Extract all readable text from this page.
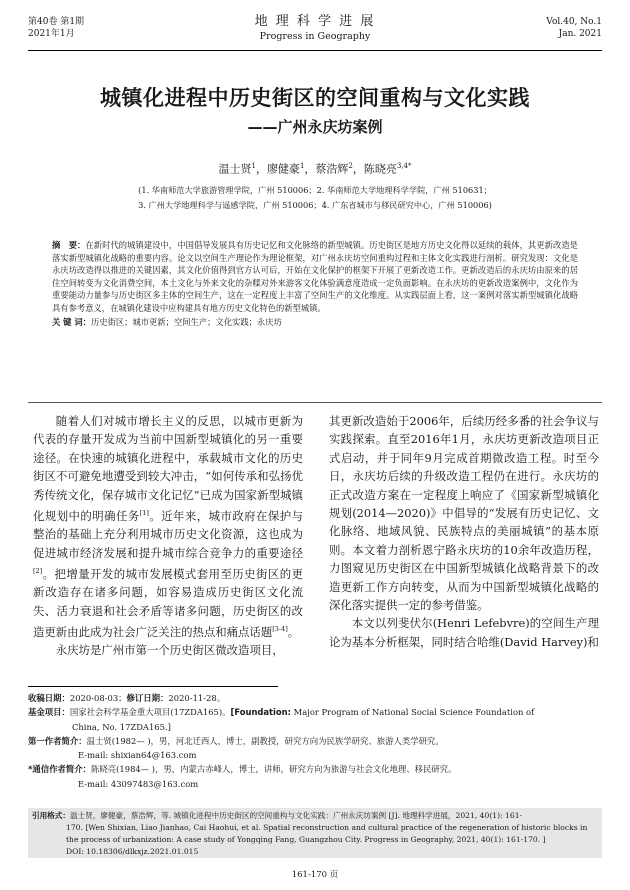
第40卷 第1期
2021年1月
地 理 科 学 进 展
Progress in Geography
Vol.40, No.1
Jan. 2021
城镇化进程中历史街区的空间重构与文化实践
——广州永庆坊案例
温士贤$^1$，廖健豪$^1$，蔡浩辉$^2$，陈晓亮$^{3,4*}$
(1. 华南师范大学旅游管理学院，广州 510006；2. 华南师范大学地理科学学院，广州 510631；
3. 广州大学地理科学与遥感学院，广州 510006；4. 广东省城市与移民研究中心，广州 510006)
摘　要：在新时代的城镇建设中，中国倡导发展具有历史记忆和文化脉络的新型城镇。历史街区是地方历史文化得以延续的载体，其更新改造是落实新型城镇化战略的重要内容。论文以空间生产理论作为理论框架，对广州永庆坊空间重构过程和主体文化实践进行剖析。研究发现：文化是永庆坊改造得以推进的关键因素，其文化价值得到官方认可后，开始在文化保护的框架下开展了更新改造工作。更新改造后的永庆坊由原来的居住空间转变为文化消费空间，本土文化与外来文化的杂糅对外来游客文化体验满意度造成一定负面影响。在永庆坊的更新改造案例中，文化作为重要能动力量参与历史街区多主体的空间生产，这在一定程度上丰富了空间生产的文化维度。从实践层面上看，这一案例对落实新型城镇化战略具有参考意义，在城镇化建设中应构建具有地方历史文化特色的新型城镇。
关 键 词：历史街区；城市更新；空间生产；文化实践；永庆坊

随着人们对城市增长主义的反思，以城市更新为代表的存量开发成为当前中国新型城镇化的另一重要途径。在快速的城镇化进程中，承载城市文化的历史街区不可避免地遭受到较大冲击，“如何传承和弘扬优秀传统文化，保存城市文化记忆”已成为国家新型城镇化规划中的明确任务[1]。近年来，城市政府在保护与整治的基础上充分利用城市历史文化资源，这也成为促进城市经济发展和提升城市综合竞争力的重要途径[2]。把增量开发的城市发展模式套用至历史街区的更新改造存在诸多问题，如容易造成历史街区文化流失、活力衰退和社会矛盾等诸多问题，历史街区的改造更新由此成为社会广泛关注的热点和痛点话题[3-4]。

永庆坊是广州市第一个历史街区微改造项目，

其更新改造始于2006年，后续历经多番的社会争议与实践探索。直至2016年1月，永庆坊更新改造项目正式启动，并于同年9月完成首期微改造工程。时至今日，永庆坊后续的升级改造工程仍在进行。永庆坊的正式改造方案在一定程度上响应了《国家新型城镇化规划(2014—2020)》中倡导的“发展有历史记忆、文化脉络、地域风貌、民族特点的美丽城镇”的基本原则。本文着力剖析恩宁路永庆坊的10余年改造历程，力图窥见历史街区在中国新型城镇化战略背景下的改造更新工作方向转变，从而为中国新型城镇化战略的深化落实提供一定的参考借鉴。

本文以列斐伏尔(Henri Lefebvre)的空间生产理论为基本分析框架，同时结合哈维(David Harvey)和

收稿日期：2020-08-03；修订日期：2020-11-28。
基金项目：国家社会科学基金重大项目(17ZDA165)。[Foundation: Major Program of National Social Science Foundation of
China, No. 17ZDA165.]
第一作者简介：温士贤(1982— )，男，河北迁西人，博士，副教授，研究方向为民族学研究、旅游人类学研究。
E-mail: shixian64@163.com
*通信作者简介：陈晓亮(1984— )，男，内蒙古赤峰人，博士，讲师，研究方向为旅游与社会文化地理、移民研究。
E-mail: 43097483@163.com
引用格式：温士贤，廖健豪，蔡浩辉，等. 城镇化进程中历史街区的空间重构与文化实践：广州永庆坊案例 [J]. 地理科学进展，2021, 40(1): 161-
170. [Wen Shixian, Liao Jianhao, Cai Haohui, et al. Spatial reconstruction and cultural practice of the regeneration of historic blocks in
the process of urbanization: A case study of Yongqing Fang, Guangzhou City. Progress in Geography, 2021, 40(1): 161-170. ]
DOI: 10.18306/dlkxjz.2021.01.015
161-170 页
